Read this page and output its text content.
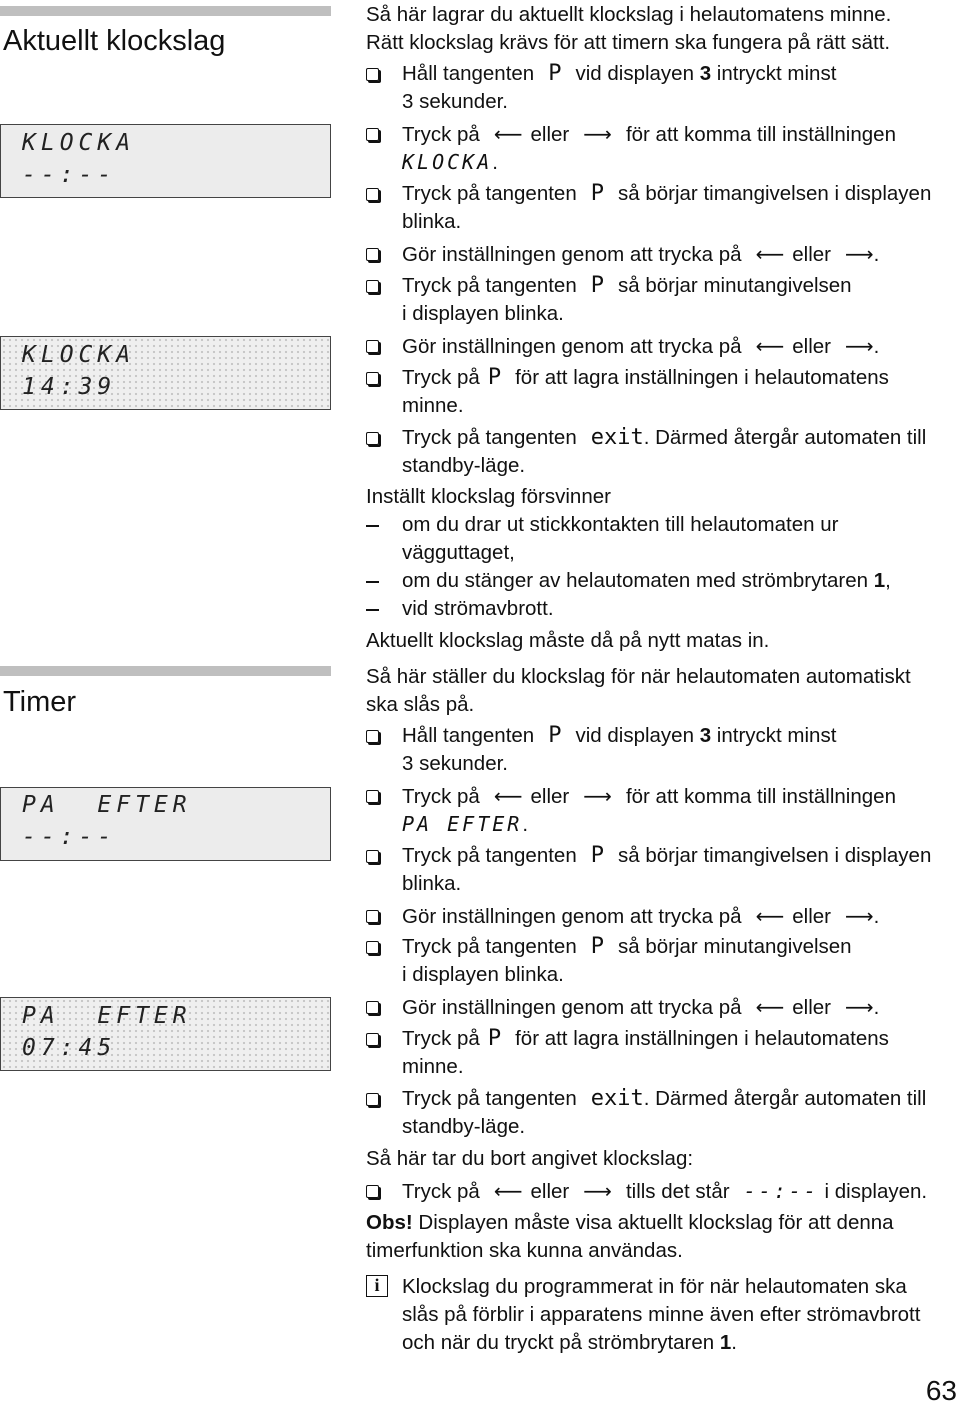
Aktuellt klockslag
KLOCKA
--:--
KLOCKA
14:39
Timer
PA  EFTER
--:--
PA  EFTER
07:45
Så här lagrar du aktuellt klockslag i helautomatens minne.
Rätt klockslag krävs för att timern ska fungera på rätt sätt.
Håll tangenten P vid displayen 3 intryckt minst
3 sekunder.
Tryck på ⟵ eller ⟶ för att komma till inställningen
KLOCKA.
Tryck på tangenten P så börjar timangivelsen i displayen
blinka.
Gör inställningen genom att trycka på ⟵ eller ⟶.
Tryck på tangenten P så börjar minutangivelsen
i displayen blinka.
Gör inställningen genom att trycka på ⟵ eller ⟶.
Tryck på P för att lagra inställningen i helautomatens
minne.
Tryck på tangenten exit. Därmed återgår automaten till
standby-läge.
Inställt klockslag försvinner
om du drar ut stickkontakten till helautomaten ur
vägguttaget,
om du stänger av helautomaten med strömbrytaren 1,
vid strömavbrott.
Aktuellt klockslag måste då på nytt matas in.
Så här ställer du klockslag för när helautomaten automatiskt
ska slås på.
Håll tangenten P vid displayen 3 intryckt minst
3 sekunder.
Tryck på ⟵ eller ⟶ för att komma till inställningen
PA EFTER.
Tryck på tangenten P så börjar timangivelsen i displayen
blinka.
Gör inställningen genom att trycka på ⟵ eller ⟶.
Tryck på tangenten P så börjar minutangivelsen
i displayen blinka.
Gör inställningen genom att trycka på ⟵ eller ⟶.
Tryck på P för att lagra inställningen i helautomatens
minne.
Tryck på tangenten exit. Därmed återgår automaten till
standby-läge.
Så här tar du bort angivet klockslag:
Tryck på ⟵ eller ⟶ tills det står --:-- i displayen.
Obs! Displayen måste visa aktuellt klockslag för att denna
timerfunktion ska kunna användas.
i	Klockslag du programmerat in för när helautomaten ska
slås på förblir i apparatens minne även efter strömavbrott
och när du tryckt på strömbrytaren 1.
63
